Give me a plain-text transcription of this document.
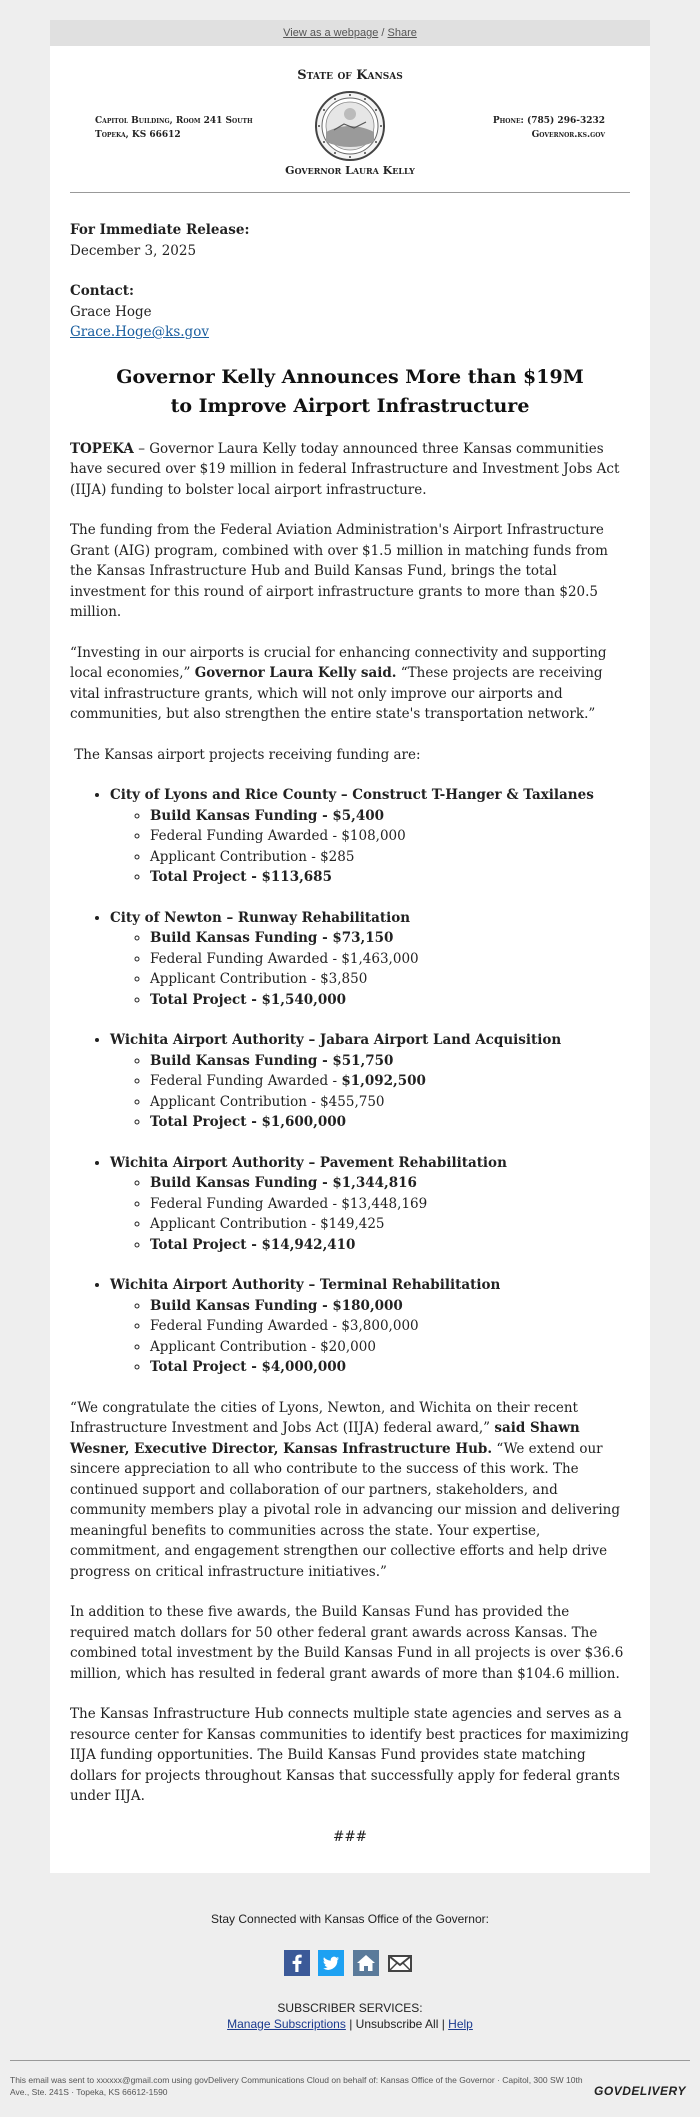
View as a webpage / Share
State of Kansas
Capitol Building, Room 241 South
Topeka, KS 66612
Phone: (785) 296-3232
Governor.ks.gov
Governor Laura Kelly

For Immediate Release:
December 3, 2025

Contact:
Grace Hoge
Grace.Hoge@ks.gov

Governor Kelly Announces More than $19M
to Improve Airport Infrastructure

TOPEKA – Governor Laura Kelly today announced three Kansas communities have secured over $19 million in federal Infrastructure and Investment Jobs Act (IIJA) funding to bolster local airport infrastructure.

The funding from the Federal Aviation Administration's Airport Infrastructure Grant (AIG) program, combined with over $1.5 million in matching funds from the Kansas Infrastructure Hub and Build Kansas Fund, brings the total investment for this round of airport infrastructure grants to more than $20.5 million.

“Investing in our airports is crucial for enhancing connectivity and supporting local economies,” Governor Laura Kelly said. “These projects are receiving vital infrastructure grants, which will not only improve our airports and communities, but also strengthen the entire state's transportation network.”

The Kansas airport projects receiving funding are:

• City of Lyons and Rice County – Construct T-Hanger & Taxilanes
◦ Build Kansas Funding - $5,400
◦ Federal Funding Awarded - $108,000
◦ Applicant Contribution - $285
◦ Total Project - $113,685
• City of Newton – Runway Rehabilitation
◦ Build Kansas Funding - $73,150
◦ Federal Funding Awarded - $1,463,000
◦ Applicant Contribution - $3,850
◦ Total Project - $1,540,000
• Wichita Airport Authority – Jabara Airport Land Acquisition
◦ Build Kansas Funding - $51,750
◦ Federal Funding Awarded - $1,092,500
◦ Applicant Contribution - $455,750
◦ Total Project - $1,600,000
• Wichita Airport Authority – Pavement Rehabilitation
◦ Build Kansas Funding - $1,344,816
◦ Federal Funding Awarded - $13,448,169
◦ Applicant Contribution - $149,425
◦ Total Project - $14,942,410
• Wichita Airport Authority – Terminal Rehabilitation
◦ Build Kansas Funding - $180,000
◦ Federal Funding Awarded - $3,800,000
◦ Applicant Contribution - $20,000
◦ Total Project - $4,000,000

“We congratulate the cities of Lyons, Newton, and Wichita on their recent Infrastructure Investment and Jobs Act (IIJA) federal award,” said Shawn Wesner, Executive Director, Kansas Infrastructure Hub. “We extend our sincere appreciation to all who contribute to the success of this work. The continued support and collaboration of our partners, stakeholders, and community members play a pivotal role in advancing our mission and delivering meaningful benefits to communities across the state. Your expertise, commitment, and engagement strengthen our collective efforts and help drive progress on critical infrastructure initiatives.”

In addition to these five awards, the Build Kansas Fund has provided the required match dollars for 50 other federal grant awards across Kansas. The combined total investment by the Build Kansas Fund in all projects is over $36.6 million, which has resulted in federal grant awards of more than $104.6 million.

The Kansas Infrastructure Hub connects multiple state agencies and serves as a resource center for Kansas communities to identify best practices for maximizing IIJA funding opportunities. The Build Kansas Fund provides state matching dollars for projects throughout Kansas that successfully apply for federal grants under IIJA.

###

Stay Connected with Kansas Office of the Governor:

SUBSCRIBER SERVICES:
Manage Subscriptions | Unsubscribe All | Help
This email was sent to xxxxxx@gmail.com using govDelivery Communications Cloud on behalf of: Kansas Office of the Governor · Capitol, 300 SW 10th Ave., Ste. 241S · Topeka, KS 66612-1590	GOVDELIVERY
